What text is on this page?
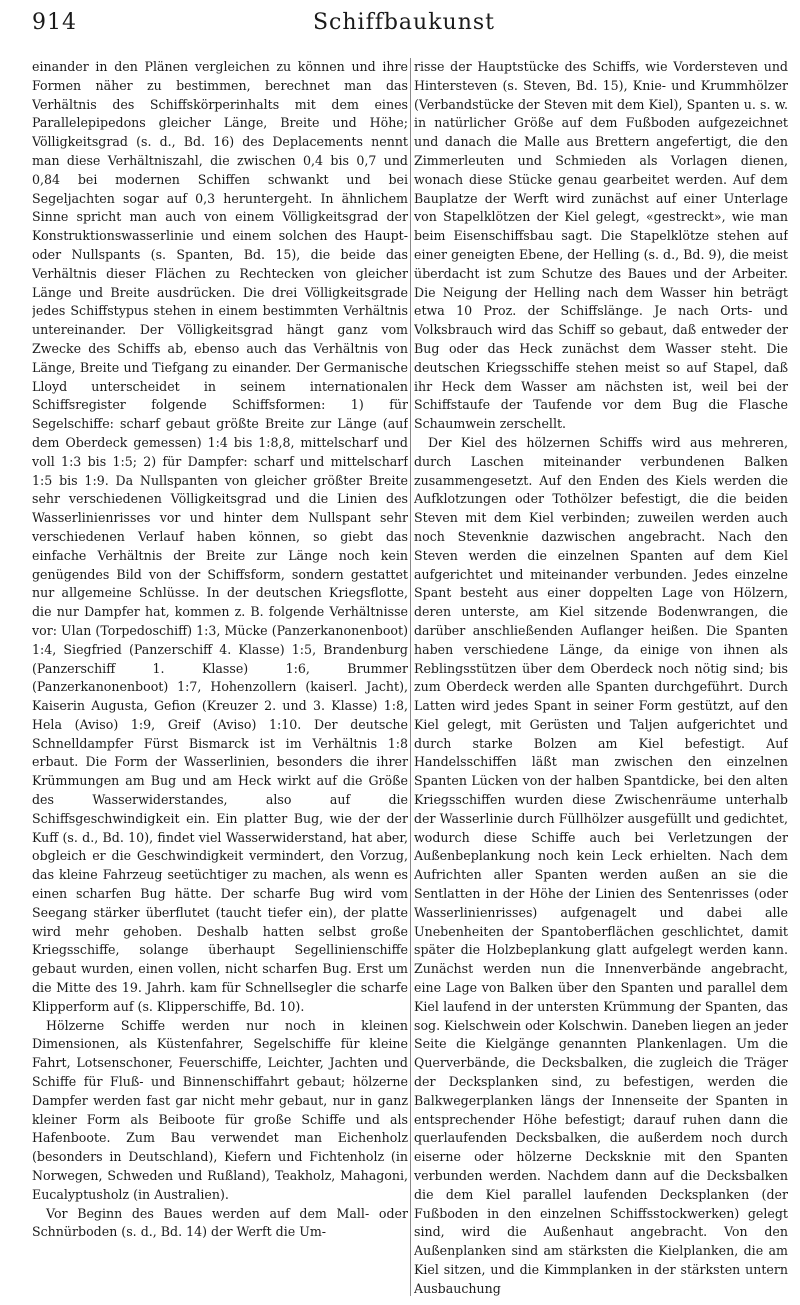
914	Schiffbaukunst

einander in den Plänen vergleichen zu können und ihre Formen näher zu bestimmen, berechnet man das Verhältnis des Schiffskörperinhalts mit dem eines Parallelepipedons gleicher Länge, Breite und Höhe; Völligkeitsgrad (s. d., Bd. 16) des Deplacements nennt man diese Verhältniszahl, die zwischen 0,4 bis 0,7 und 0,84 bei modernen Schiffen schwankt und bei Segeljachten sogar auf 0,3 heruntergeht. In ähnlichem Sinne spricht man auch von einem Völligkeitsgrad der Konstruktionswasserlinie und einem solchen des Haupt- oder Nullspants (s. Spanten, Bd. 15), die beide das Verhältnis dieser Flächen zu Rechtecken von gleicher Länge und Breite ausdrücken. Die drei Völligkeitsgrade jedes Schiffstypus stehen in einem bestimmten Verhältnis untereinander. Der Völligkeitsgrad hängt ganz vom Zwecke des Schiffs ab, ebenso auch das Verhältnis von Länge, Breite und Tiefgang zu einander. Der Germanische Lloyd unterscheidet in seinem internationalen Schiffsregister folgende Schiffsformen: 1) für Segelschiffe: scharf gebaut größte Breite zur Länge (auf dem Oberdeck gemessen) 1:4 bis 1:8,8, mittelscharf und voll 1:3 bis 1:5; 2) für Dampfer: scharf und mittelscharf 1:5 bis 1:9. Da Nullspanten von gleicher größter Breite sehr verschiedenen Völligkeitsgrad und die Linien des Wasserlinienrisses vor und hinter dem Nullspant sehr verschiedenen Verlauf haben können, so giebt das einfache Verhältnis der Breite zur Länge noch kein genügendes Bild von der Schiffsform, sondern gestattet nur allgemeine Schlüsse. In der deutschen Kriegsflotte, die nur Dampfer hat, kommen z. B. folgende Verhältnisse vor: Ulan (Torpedoschiff) 1:3, Mücke (Panzerkanonenboot) 1:4, Siegfried (Panzerschiff 4. Klasse) 1:5, Brandenburg (Panzerschiff 1. Klasse) 1:6, Brummer (Panzerkanonenboot) 1:7, Hohenzollern (kaiserl. Jacht), Kaiserin Augusta, Gefion (Kreuzer 2. und 3. Klasse) 1:8, Hela (Aviso) 1:9, Greif (Aviso) 1:10. Der deutsche Schnelldampfer Fürst Bismarck ist im Verhältnis 1:8 erbaut. Die Form der Wasserlinien, besonders die ihrer Krümmungen am Bug und am Heck wirkt auf die Größe des Wasserwiderstandes, also auf die Schiffsgeschwindigkeit ein. Ein platter Bug, wie der der Kuff (s. d., Bd. 10), findet viel Wasserwiderstand, hat aber, obgleich er die Geschwindigkeit vermindert, den Vorzug, das kleine Fahrzeug seetüchtiger zu machen, als wenn es einen scharfen Bug hätte. Der scharfe Bug wird vom Seegang stärker überflutet (taucht tiefer ein), der platte wird mehr gehoben. Deshalb hatten selbst große Kriegsschiffe, solange überhaupt Segellinienschiffe gebaut wurden, einen vollen, nicht scharfen Bug. Erst um die Mitte des 19. Jahrh. kam für Schnellsegler die scharfe Klipperform auf (s. Klipperschiffe, Bd. 10).

Hölzerne Schiffe werden nur noch in kleinen Dimensionen, als Küstenfahrer, Segelschiffe für kleine Fahrt, Lotsenschoner, Feuerschiffe, Leichter, Jachten und Schiffe für Fluß- und Binnenschiffahrt gebaut; hölzerne Dampfer werden fast gar nicht mehr gebaut, nur in ganz kleiner Form als Beiboote für große Schiffe und als Hafenboote. Zum Bau verwendet man Eichenholz (besonders in Deutschland), Kiefern und Fichtenholz (in Norwegen, Schweden und Rußland), Teakholz, Mahagoni, Eucalyptusholz (in Australien).

Vor Beginn des Baues werden auf dem Mall- oder Schnürboden (s. d., Bd. 14) der Werft die Um-

risse der Hauptstücke des Schiffs, wie Vordersteven und Hintersteven (s. Steven, Bd. 15), Knie- und Krummhölzer (Verbandstücke der Steven mit dem Kiel), Spanten u. s. w. in natürlicher Größe auf dem Fußboden aufgezeichnet und danach die Malle aus Brettern angefertigt, die den Zimmerleuten und Schmieden als Vorlagen dienen, wonach diese Stücke genau gearbeitet werden. Auf dem Bauplatze der Werft wird zunächst auf einer Unterlage von Stapelklötzen der Kiel gelegt, «gestreckt», wie man beim Eisenschiffsbau sagt. Die Stapelklötze stehen auf einer geneigten Ebene, der Helling (s. d., Bd. 9), die meist überdacht ist zum Schutze des Baues und der Arbeiter. Die Neigung der Helling nach dem Wasser hin beträgt etwa 10 Proz. der Schiffslänge. Je nach Orts- und Volksbrauch wird das Schiff so gebaut, daß entweder der Bug oder das Heck zunächst dem Wasser steht. Die deutschen Kriegsschiffe stehen meist so auf Stapel, daß ihr Heck dem Wasser am nächsten ist, weil bei der Schiffstaufe der Taufende vor dem Bug die Flasche Schaumwein zerschellt.

Der Kiel des hölzernen Schiffs wird aus mehreren, durch Laschen miteinander verbundenen Balken zusammengesetzt. Auf den Enden des Kiels werden die Aufklotzungen oder Tothölzer befestigt, die die beiden Steven mit dem Kiel verbinden; zuweilen werden auch noch Stevenknie dazwischen angebracht. Nach den Steven werden die einzelnen Spanten auf dem Kiel aufgerichtet und miteinander verbunden. Jedes einzelne Spant besteht aus einer doppelten Lage von Hölzern, deren unterste, am Kiel sitzende Bodenwrangen, die darüber anschließenden Auflanger heißen. Die Spanten haben verschiedene Länge, da einige von ihnen als Reblingsstützen über dem Oberdeck noch nötig sind; bis zum Oberdeck werden alle Spanten durchgeführt. Durch Latten wird jedes Spant in seiner Form gestützt, auf den Kiel gelegt, mit Gerüsten und Taljen aufgerichtet und durch starke Bolzen am Kiel befestigt. Auf Handelsschiffen läßt man zwischen den einzelnen Spanten Lücken von der halben Spantdicke, bei den alten Kriegsschiffen wurden diese Zwischenräume unterhalb der Wasserlinie durch Füllhölzer ausgefüllt und gedichtet, wodurch diese Schiffe auch bei Verletzungen der Außenbeplankung noch kein Leck erhielten. Nach dem Aufrichten aller Spanten werden außen an sie die Sentlatten in der Höhe der Linien des Sentenrisses (oder Wasserlinienrisses) aufgenagelt und dabei alle Unebenheiten der Spantoberflächen geschlichtet, damit später die Holzbeplankung glatt aufgelegt werden kann. Zunächst werden nun die Innenverbände angebracht, eine Lage von Balken über den Spanten und parallel dem Kiel laufend in der untersten Krümmung der Spanten, das sog. Kielschwein oder Kolschwin. Daneben liegen an jeder Seite die Kielgänge genannten Plankenlagen. Um die Querverbände, die Decksbalken, die zugleich die Träger der Decksplanken sind, zu befestigen, werden die Balkwegerplanken längs der Innenseite der Spanten in entsprechender Höhe befestigt; darauf ruhen dann die querlaufenden Decksbalken, die außerdem noch durch eiserne oder hölzerne Decksknie mit den Spanten verbunden werden. Nachdem dann auf die Decksbalken die dem Kiel parallel laufenden Decksplanken (der Fußboden in den einzelnen Schiffsstockwerken) gelegt sind, wird die Außenhaut angebracht. Von den Außenplanken sind am stärksten die Kielplanken, die am Kiel sitzen, und die Kimmplanken in der stärksten untern Ausbauchung
